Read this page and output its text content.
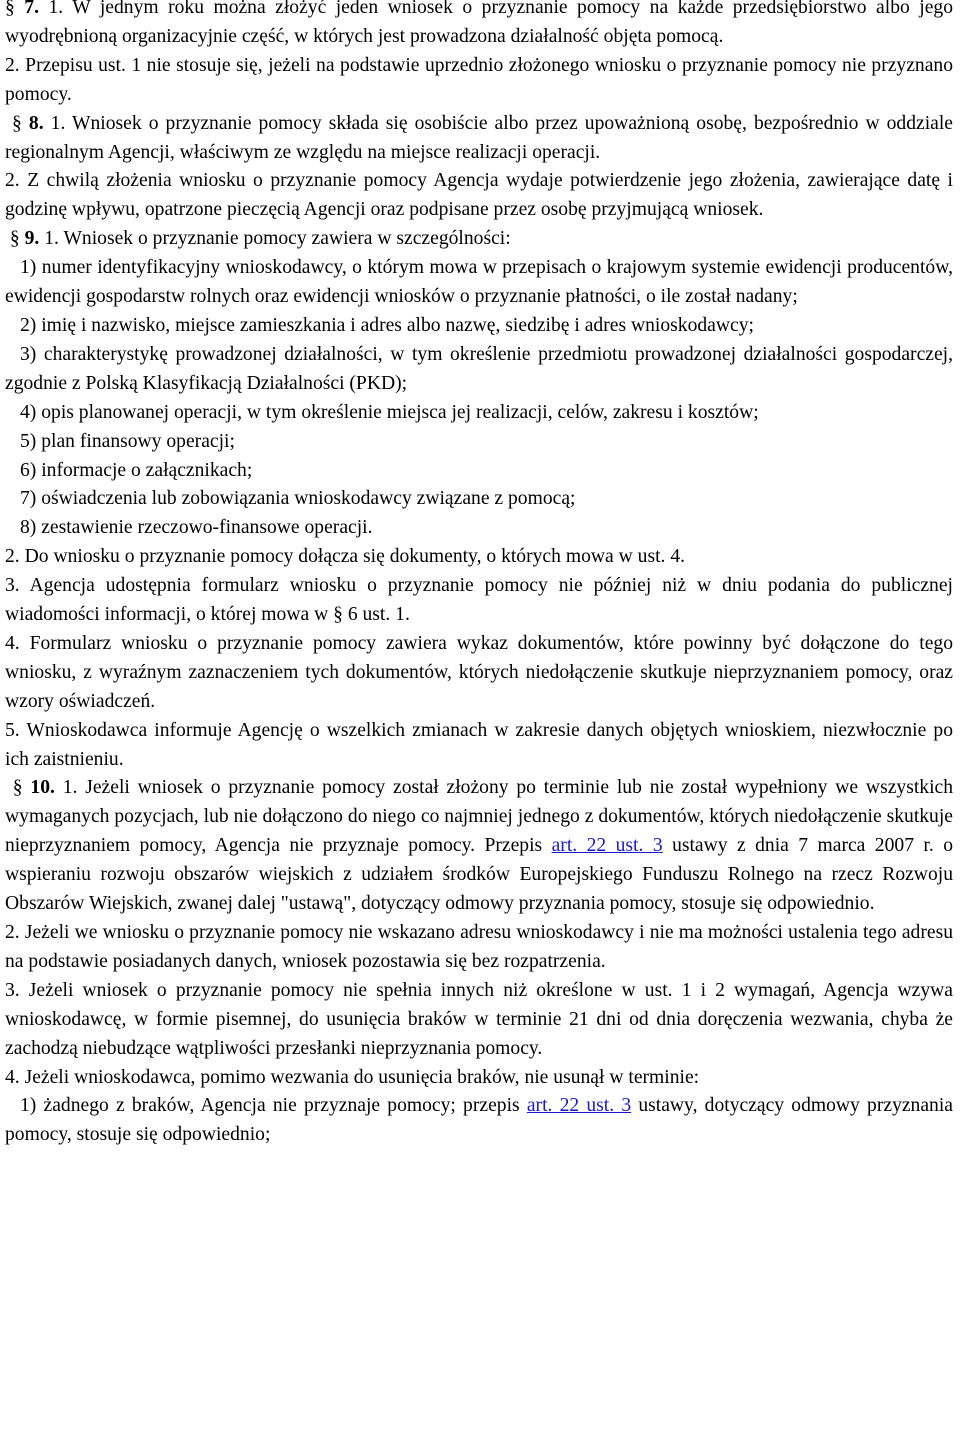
§ 7. 1. W jednym roku można złożyć jeden wniosek o przyznanie pomocy na każde przedsiębiorstwo albo jego wyodrębnioną organizacyjnie część, w których jest prowadzona działalność objęta pomocą.

2. Przepisu ust. 1 nie stosuje się, jeżeli na podstawie uprzednio złożonego wniosku o przyznanie pomocy nie przyznano pomocy.

§ 8. 1. Wniosek o przyznanie pomocy składa się osobiście albo przez upoważnioną osobę, bezpośrednio w oddziale regionalnym Agencji, właściwym ze względu na miejsce realizacji operacji.

2. Z chwilą złożenia wniosku o przyznanie pomocy Agencja wydaje potwierdzenie jego złożenia, zawierające datę i godzinę wpływu, opatrzone pieczęcią Agencji oraz podpisane przez osobę przyjmującą wniosek.

§ 9. 1. Wniosek o przyznanie pomocy zawiera w szczególności:

1) numer identyfikacyjny wnioskodawcy, o którym mowa w przepisach o krajowym systemie ewidencji producentów, ewidencji gospodarstw rolnych oraz ewidencji wniosków o przyznanie płatności, o ile został nadany;

2) imię i nazwisko, miejsce zamieszkania i adres albo nazwę, siedzibę i adres wnioskodawcy;

3) charakterystykę prowadzonej działalności, w tym określenie przedmiotu prowadzonej działalności gospodarczej, zgodnie z Polską Klasyfikacją Działalności (PKD);

4) opis planowanej operacji, w tym określenie miejsca jej realizacji, celów, zakresu i kosztów;

5) plan finansowy operacji;

6) informacje o załącznikach;

7) oświadczenia lub zobowiązania wnioskodawcy związane z pomocą;

8) zestawienie rzeczowo-finansowe operacji.

2. Do wniosku o przyznanie pomocy dołącza się dokumenty, o których mowa w ust. 4.

3. Agencja udostępnia formularz wniosku o przyznanie pomocy nie później niż w dniu podania do publicznej wiadomości informacji, o której mowa w § 6 ust. 1.

4. Formularz wniosku o przyznanie pomocy zawiera wykaz dokumentów, które powinny być dołączone do tego wniosku, z wyraźnym zaznaczeniem tych dokumentów, których niedołączenie skutkuje nieprzyznaniem pomocy, oraz wzory oświadczeń.

5. Wnioskodawca informuje Agencję o wszelkich zmianach w zakresie danych objętych wnioskiem, niezwłocznie po ich zaistnieniu.

§ 10. 1. Jeżeli wniosek o przyznanie pomocy został złożony po terminie lub nie został wypełniony we wszystkich wymaganych pozycjach, lub nie dołączono do niego co najmniej jednego z dokumentów, których niedołączenie skutkuje nieprzyznaniem pomocy, Agencja nie przyznaje pomocy. Przepis art. 22 ust. 3 ustawy z dnia 7 marca 2007 r. o wspieraniu rozwoju obszarów wiejskich z udziałem środków Europejskiego Funduszu Rolnego na rzecz Rozwoju Obszarów Wiejskich, zwanej dalej "ustawą", dotyczący odmowy przyznania pomocy, stosuje się odpowiednio.

2. Jeżeli we wniosku o przyznanie pomocy nie wskazano adresu wnioskodawcy i nie ma możności ustalenia tego adresu na podstawie posiadanych danych, wniosek pozostawia się bez rozpatrzenia.

3. Jeżeli wniosek o przyznanie pomocy nie spełnia innych niż określone w ust. 1 i 2 wymagań, Agencja wzywa wnioskodawcę, w formie pisemnej, do usunięcia braków w terminie 21 dni od dnia doręczenia wezwania, chyba że zachodzą niebudzące wątpliwości przesłanki nieprzyznania pomocy.

4. Jeżeli wnioskodawca, pomimo wezwania do usunięcia braków, nie usunął w terminie:

1) żadnego z braków, Agencja nie przyznaje pomocy; przepis art. 22 ust. 3 ustawy, dotyczący odmowy przyznania pomocy, stosuje się odpowiednio;
